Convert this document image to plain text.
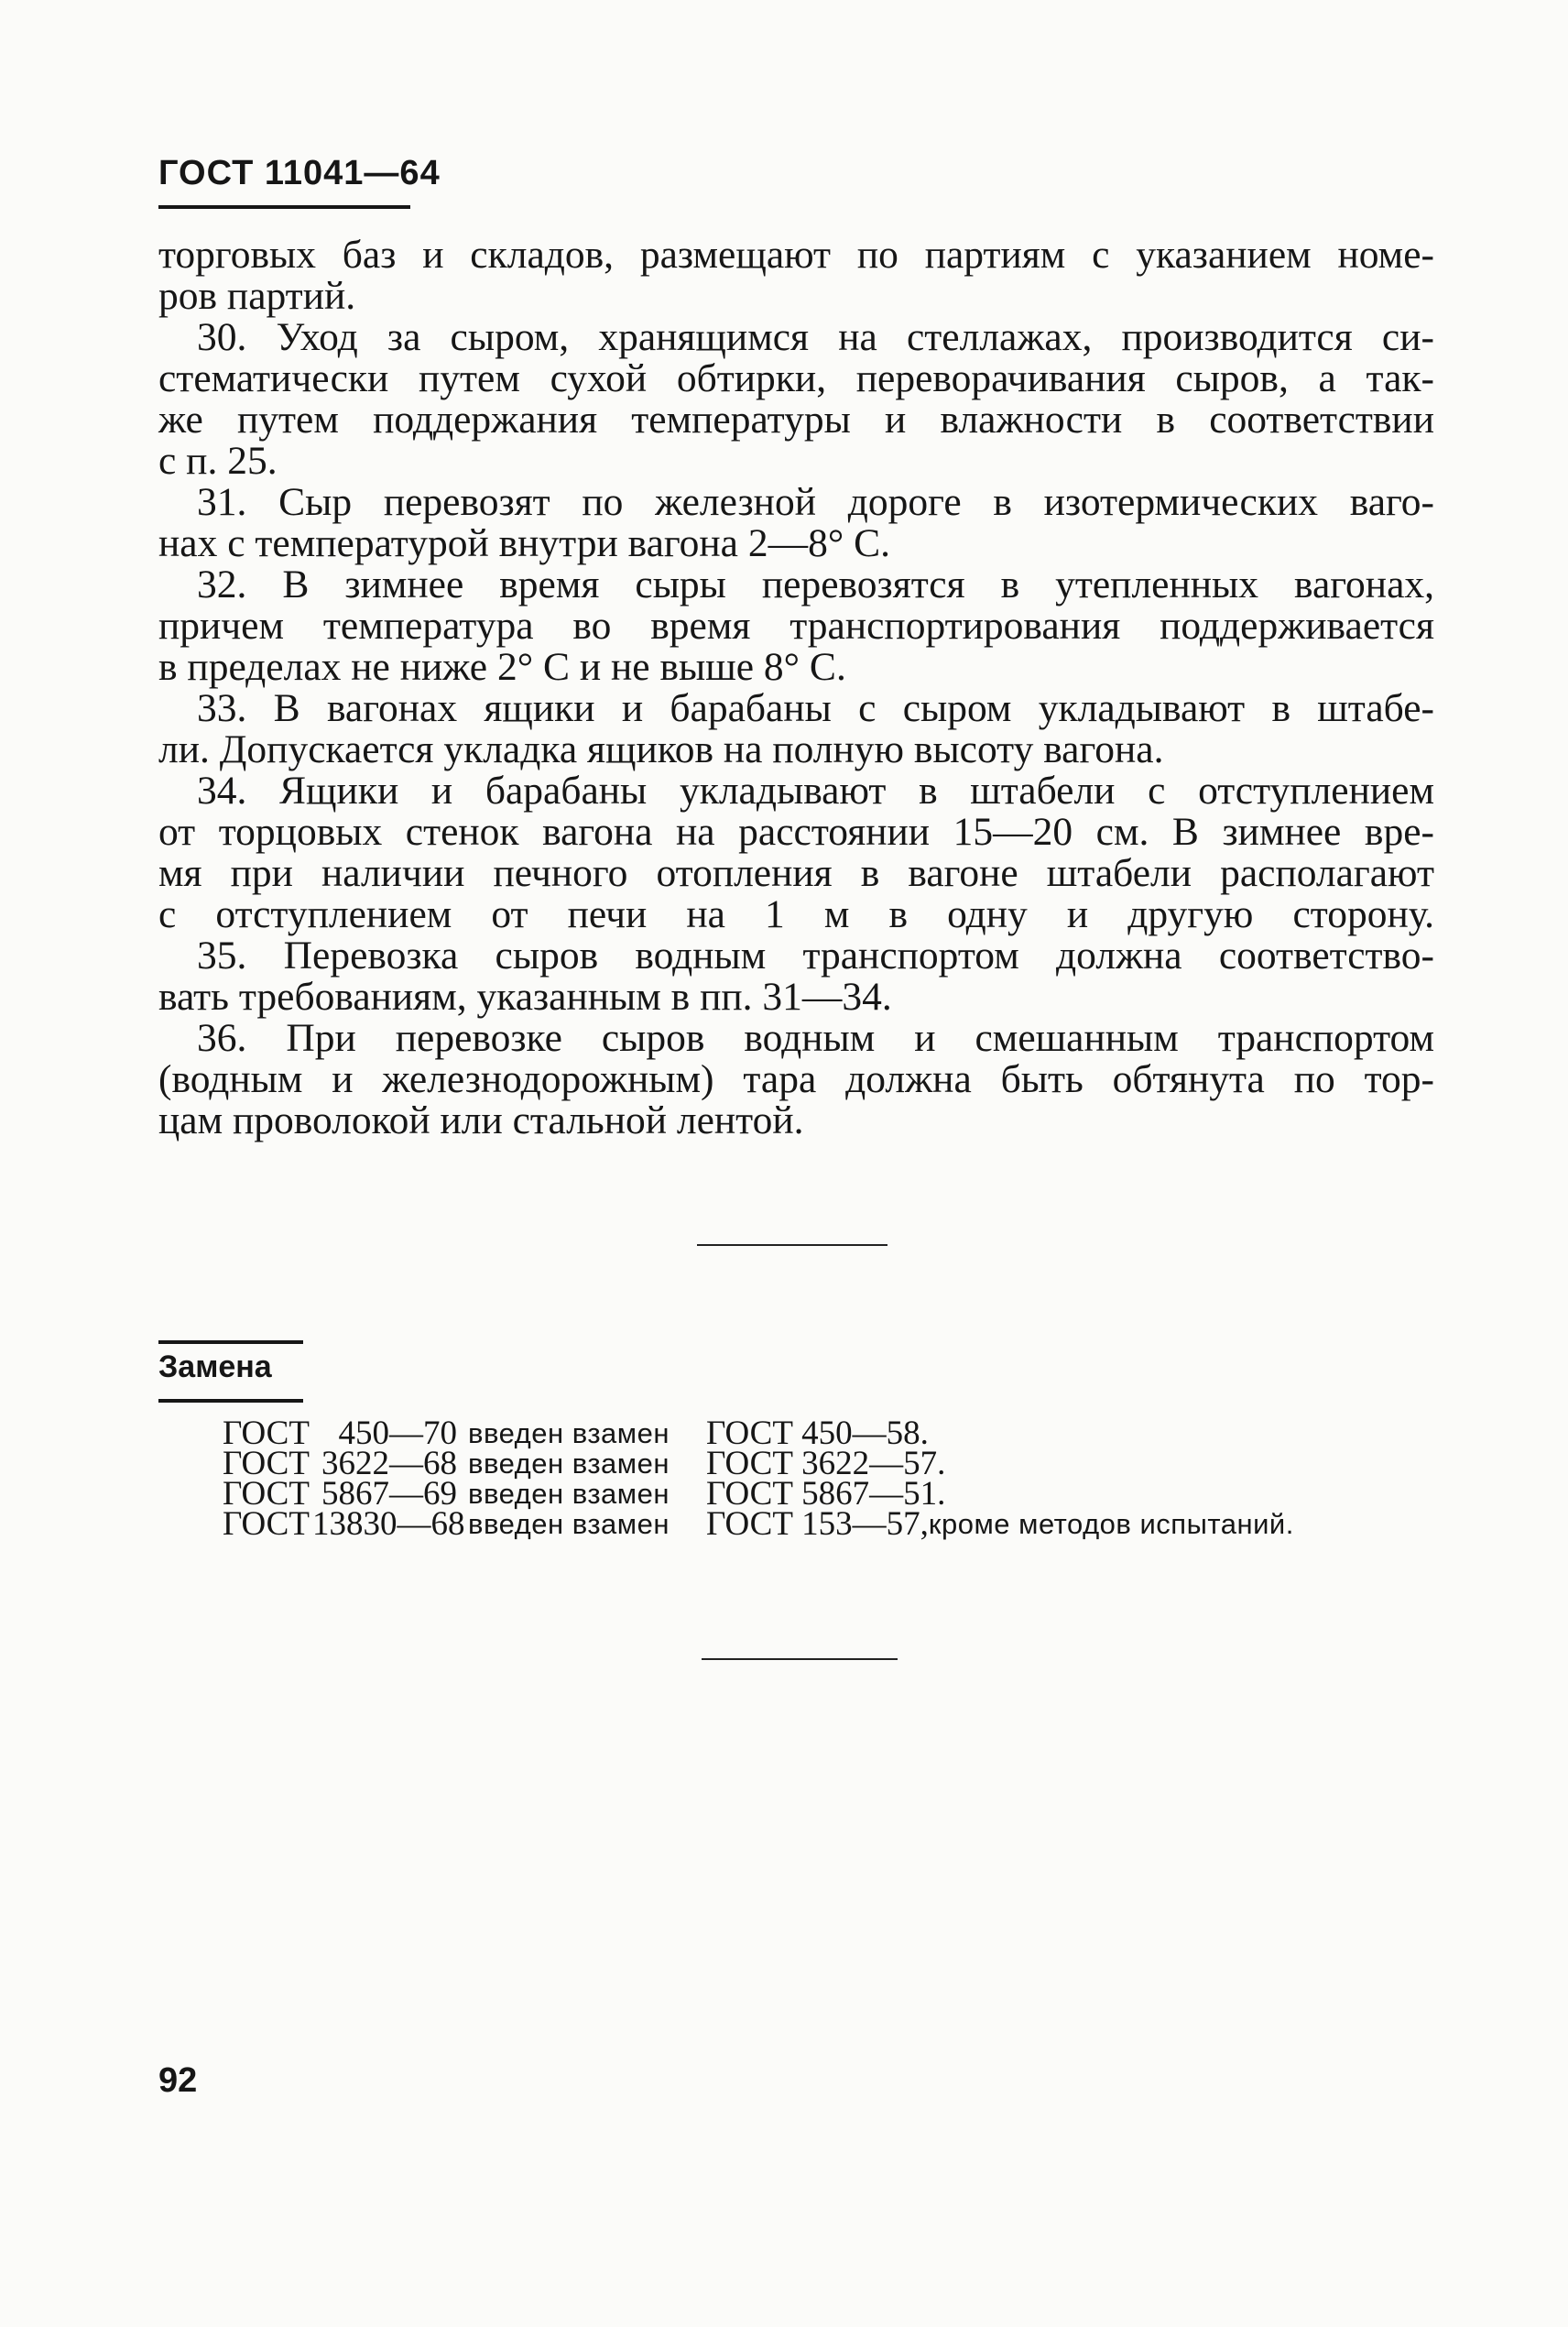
ГОСТ 11041—64

торговых баз и складов, размещают по партиям с указанием номе-
ров партий.

30. Уход за сыром, хранящимся на стеллажах, производится си-
стематически путем сухой обтирки, переворачивания сыров, а так-
же путем поддержания температуры и влажности в соответствии
с п. 25.

31. Сыр перевозят по железной дороге в изотермических ваго-
нах с температурой внутри вагона 2—8° С.

32. В зимнее время сыры перевозятся в утепленных вагонах,
причем температура во время транспортирования поддерживается
в пределах не ниже 2° С и не выше 8° С.

33. В вагонах ящики и барабаны с сыром укладывают в штабе-
ли. Допускается укладка ящиков на полную высоту вагона.

34. Ящики и барабаны укладывают в штабели с отступлением
от торцовых стенок вагона на расстоянии 15—20 см. В зимнее вре-
мя при наличии печного отопления в вагоне штабели располагают
с отступлением от печи на 1 м в одну и другую сторону.

35. Перевозка сыров водным транспортом должна соответство-
вать требованиям, указанным в пп. 31—34.

36. При перевозке сыров водным и смешанным транспортом
(водным и железнодорожным) тара должна быть обтянута по тор-
цам проволокой или стальной лентой.

Замена
ГОСТ 450—70 введен взамен	ГОСТ 450—58.
ГОСТ 3622—68 введен взамен	ГОСТ 3622—57.
ГОСТ 5867—69 введен взамен	ГОСТ 5867—51.
ГОСТ 13830—68 введен взамен	ГОСТ 153—57, кроме методов испытаний.
92
